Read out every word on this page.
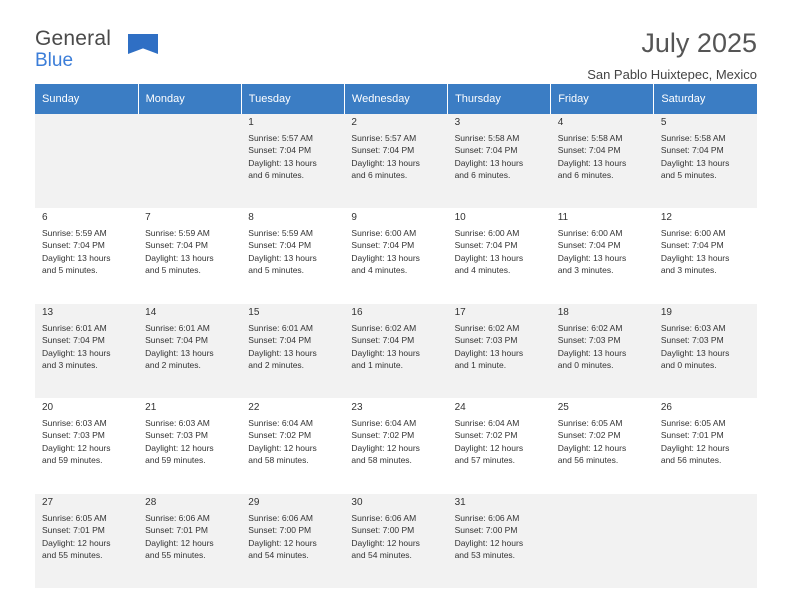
General
Blue
July 2025
San Pablo Huixtepec, Mexico
Sunday	Monday	Tuesday	Wednesday	Thursday	Friday	Saturday

		1
Sunrise: 5:57 AM
Sunset: 7:04 PM
Daylight: 13 hours
and 6 minutes.	2
Sunrise: 5:57 AM
Sunset: 7:04 PM
Daylight: 13 hours
and 6 minutes.	3
Sunrise: 5:58 AM
Sunset: 7:04 PM
Daylight: 13 hours
and 6 minutes.	4
Sunrise: 5:58 AM
Sunset: 7:04 PM
Daylight: 13 hours
and 6 minutes.	5
Sunrise: 5:58 AM
Sunset: 7:04 PM
Daylight: 13 hours
and 5 minutes.

6
Sunrise: 5:59 AM
Sunset: 7:04 PM
Daylight: 13 hours
and 5 minutes.	7
Sunrise: 5:59 AM
Sunset: 7:04 PM
Daylight: 13 hours
and 5 minutes.	8
Sunrise: 5:59 AM
Sunset: 7:04 PM
Daylight: 13 hours
and 5 minutes.	9
Sunrise: 6:00 AM
Sunset: 7:04 PM
Daylight: 13 hours
and 4 minutes.	10
Sunrise: 6:00 AM
Sunset: 7:04 PM
Daylight: 13 hours
and 4 minutes.	11
Sunrise: 6:00 AM
Sunset: 7:04 PM
Daylight: 13 hours
and 3 minutes.	12
Sunrise: 6:00 AM
Sunset: 7:04 PM
Daylight: 13 hours
and 3 minutes.

13
Sunrise: 6:01 AM
Sunset: 7:04 PM
Daylight: 13 hours
and 3 minutes.	14
Sunrise: 6:01 AM
Sunset: 7:04 PM
Daylight: 13 hours
and 2 minutes.	15
Sunrise: 6:01 AM
Sunset: 7:04 PM
Daylight: 13 hours
and 2 minutes.	16
Sunrise: 6:02 AM
Sunset: 7:04 PM
Daylight: 13 hours
and 1 minute.	17
Sunrise: 6:02 AM
Sunset: 7:03 PM
Daylight: 13 hours
and 1 minute.	18
Sunrise: 6:02 AM
Sunset: 7:03 PM
Daylight: 13 hours
and 0 minutes.	19
Sunrise: 6:03 AM
Sunset: 7:03 PM
Daylight: 13 hours
and 0 minutes.

20
Sunrise: 6:03 AM
Sunset: 7:03 PM
Daylight: 12 hours
and 59 minutes.	21
Sunrise: 6:03 AM
Sunset: 7:03 PM
Daylight: 12 hours
and 59 minutes.	22
Sunrise: 6:04 AM
Sunset: 7:02 PM
Daylight: 12 hours
and 58 minutes.	23
Sunrise: 6:04 AM
Sunset: 7:02 PM
Daylight: 12 hours
and 58 minutes.	24
Sunrise: 6:04 AM
Sunset: 7:02 PM
Daylight: 12 hours
and 57 minutes.	25
Sunrise: 6:05 AM
Sunset: 7:02 PM
Daylight: 12 hours
and 56 minutes.	26
Sunrise: 6:05 AM
Sunset: 7:01 PM
Daylight: 12 hours
and 56 minutes.

27
Sunrise: 6:05 AM
Sunset: 7:01 PM
Daylight: 12 hours
and 55 minutes.	28
Sunrise: 6:06 AM
Sunset: 7:01 PM
Daylight: 12 hours
and 55 minutes.	29
Sunrise: 6:06 AM
Sunset: 7:00 PM
Daylight: 12 hours
and 54 minutes.	30
Sunrise: 6:06 AM
Sunset: 7:00 PM
Daylight: 12 hours
and 54 minutes.	31
Sunrise: 6:06 AM
Sunset: 7:00 PM
Daylight: 12 hours
and 53 minutes.		
